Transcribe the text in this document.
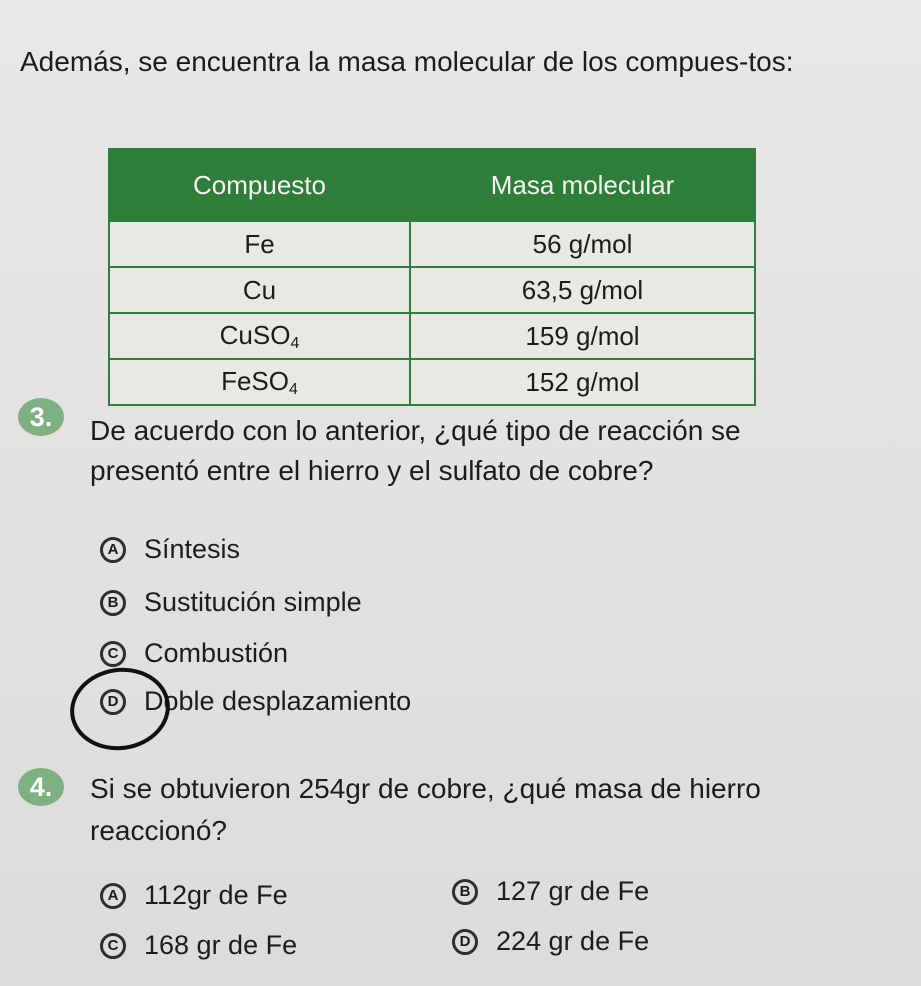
Además, se encuentra la masa molecular de los compues-tos:
Compuesto	Masa molecular
Fe	56 g/mol
Cu	63,5 g/mol
CuSO$_4$	159 g/mol
FeSO$_4$	152 g/mol
3.	De acuerdo con lo anterior, ¿qué tipo de reacción se
presentó entre el hierro y el sulfato de cobre?
A Síntesis
B Sustitución simple
C Combustión
D Doble desplazamiento
4.	Si se obtuvieron 254gr de cobre, ¿qué masa de hierro
reaccionó?
A 112gr de Fe	B 127 gr de Fe
C 168 gr de Fe	D 224 gr de Fe
